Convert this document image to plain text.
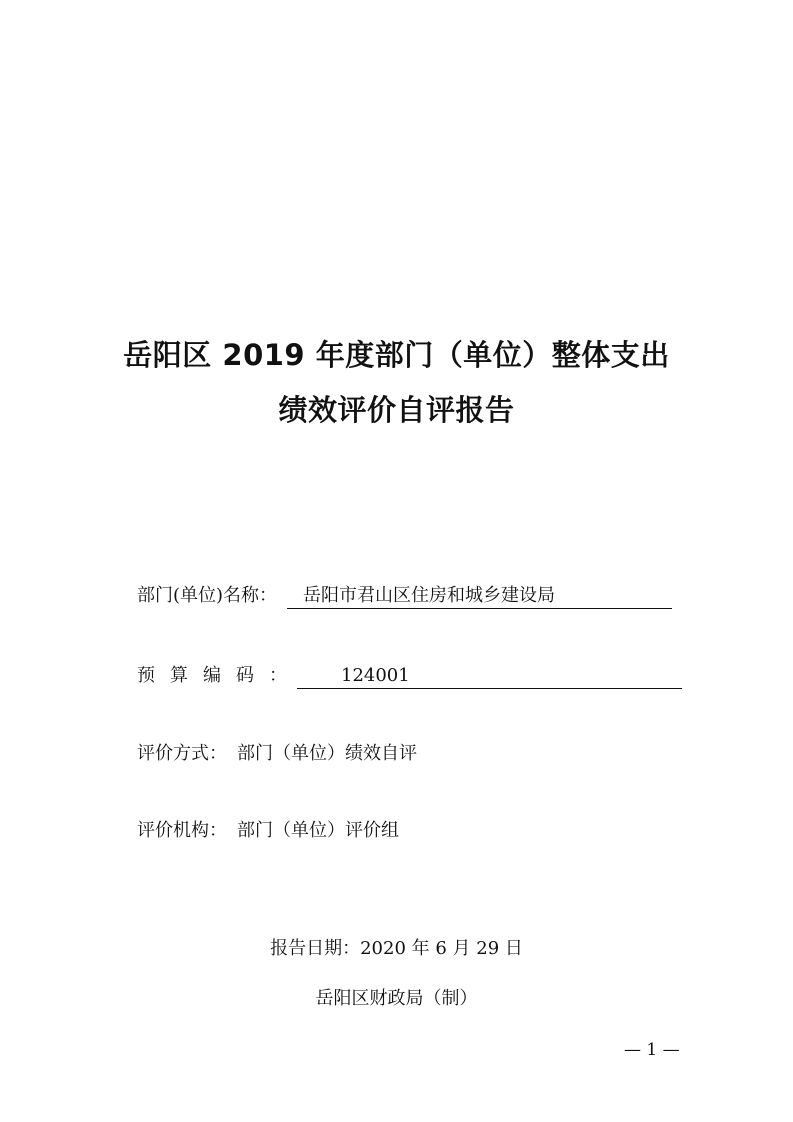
岳阳区 2019 年度部门（单位）整体支出
绩效评价自评报告
部门(单位)名称 ：	岳阳市君山区住房和城乡建设局
预算编码 ：	124001
评价方式 ： 部门（单位）绩效自评
评价机构 ： 部门（单位）评价组
报告日期：2020 年 6 月 29 日
岳阳区财政局（制）
— 1 —
